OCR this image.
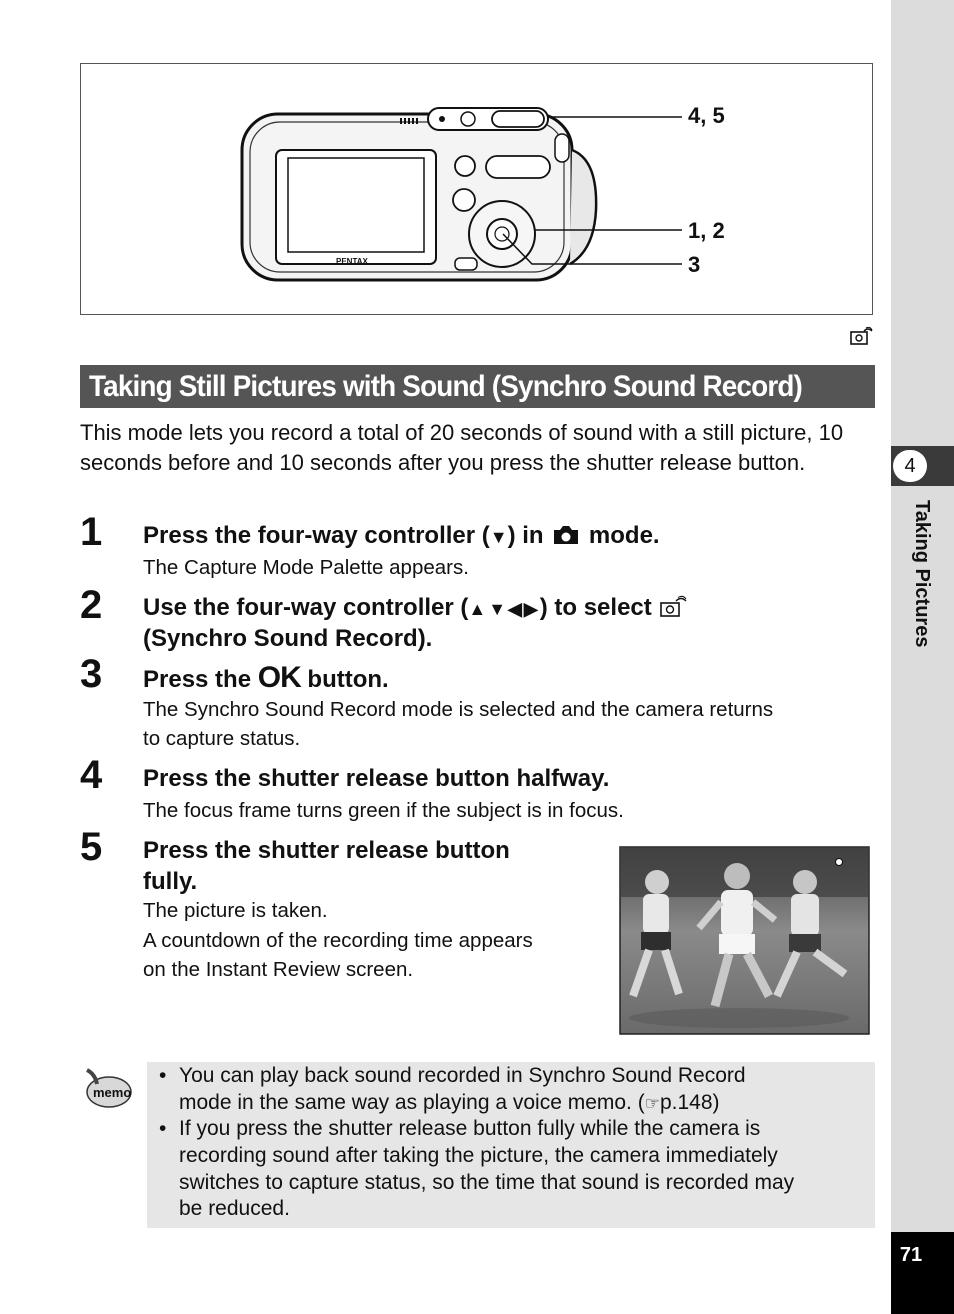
4
Taking Pictures
71
PENTAX
4, 5
1, 2
3
Taking Still Pictures with Sound (Synchro Sound Record)
This mode lets you record a total of 20 seconds of sound with a still picture, 10 seconds before and 10 seconds after you press the shutter release button.
1 Press the four-way controller (▼) in mode.
The Capture Mode Palette appears.
2 Use the four-way controller (▲▼◀▶) to select
(Synchro Sound Record).
3 Press the OK button.
The Synchro Sound Record mode is selected and the camera returns
to capture status.
4 Press the shutter release button halfway.
The focus frame turns green if the subject is in focus.
5 Press the shutter release button
fully.
The picture is taken.
A countdown of the recording time appears
on the Instant Review screen.
memo
• You can play back sound recorded in Synchro Sound Record
mode in the same way as playing a voice memo. (☞p.148)
• If you press the shutter release button fully while the camera is
recording sound after taking the picture, the camera immediately
switches to capture status, so the time that sound is recorded may
be reduced.
